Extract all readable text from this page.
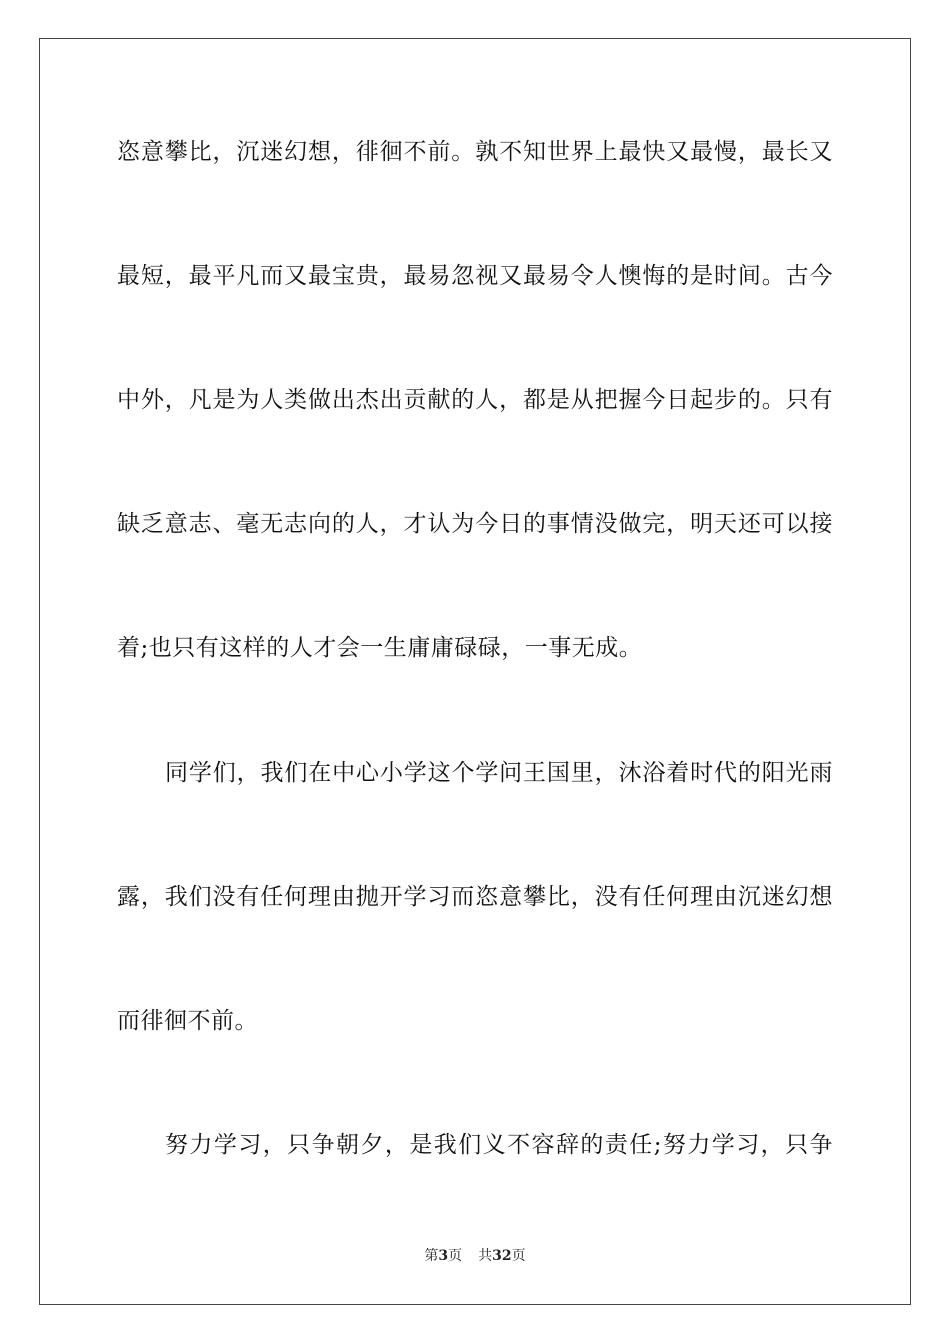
恣意攀比，沉迷幻想，徘徊不前。孰不知世界上最快又最慢，最长又
最短，最平凡而又最宝贵，最易忽视又最易令人懊悔的是时间。古今
中外，凡是为人类做出杰出贡献的人，都是从把握今日起步的。只有
缺乏意志、毫无志向的人，才认为今日的事情没做完，明天还可以接
着;也只有这样的人才会一生庸庸碌碌，一事无成。
同学们，我们在中心小学这个学问王国里，沐浴着时代的阳光雨
露，我们没有任何理由抛开学习而恣意攀比，没有任何理由沉迷幻想
而徘徊不前。
努力学习，只争朝夕，是我们义不容辞的责任;努力学习，只争
第3页 共32页
